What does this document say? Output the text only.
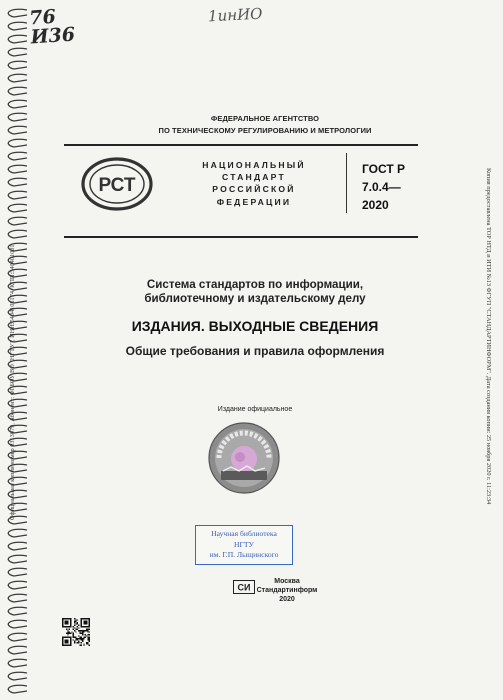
76
И36
1инИО
Официальная копия номер 0313079, Абонент: ФГБОУ ВО "НГТУ", ИНН:5404105174, КПП:540401001	Копия предоставлена ТОР НТД и ИТИ №13 ФГУП "СТАНДАРТИНФОРМ". Дата создания копии: 25 ноября 2020 г. 11:23:34
ФЕДЕРАЛЬНОЕ АГЕНТСТВО
ПО ТЕХНИЧЕСКОМУ РЕГУЛИРОВАНИЮ И МЕТРОЛОГИИ
РСТ
НАЦИОНАЛЬНЫЙ
СТАНДАРТ
РОССИЙСКОЙ
ФЕДЕРАЦИИ
ГОСТ Р
7.0.4—
2020
Система стандартов по информации,
библиотечному и издательскому делу
ИЗДАНИЯ. ВЫХОДНЫЕ СВЕДЕНИЯ
Общие требования и правила оформления
Издание официальное
Научная библиотека
НГТУ
им. Г.П. Лыщинского
СИ
Москва
Стандартинформ
2020
